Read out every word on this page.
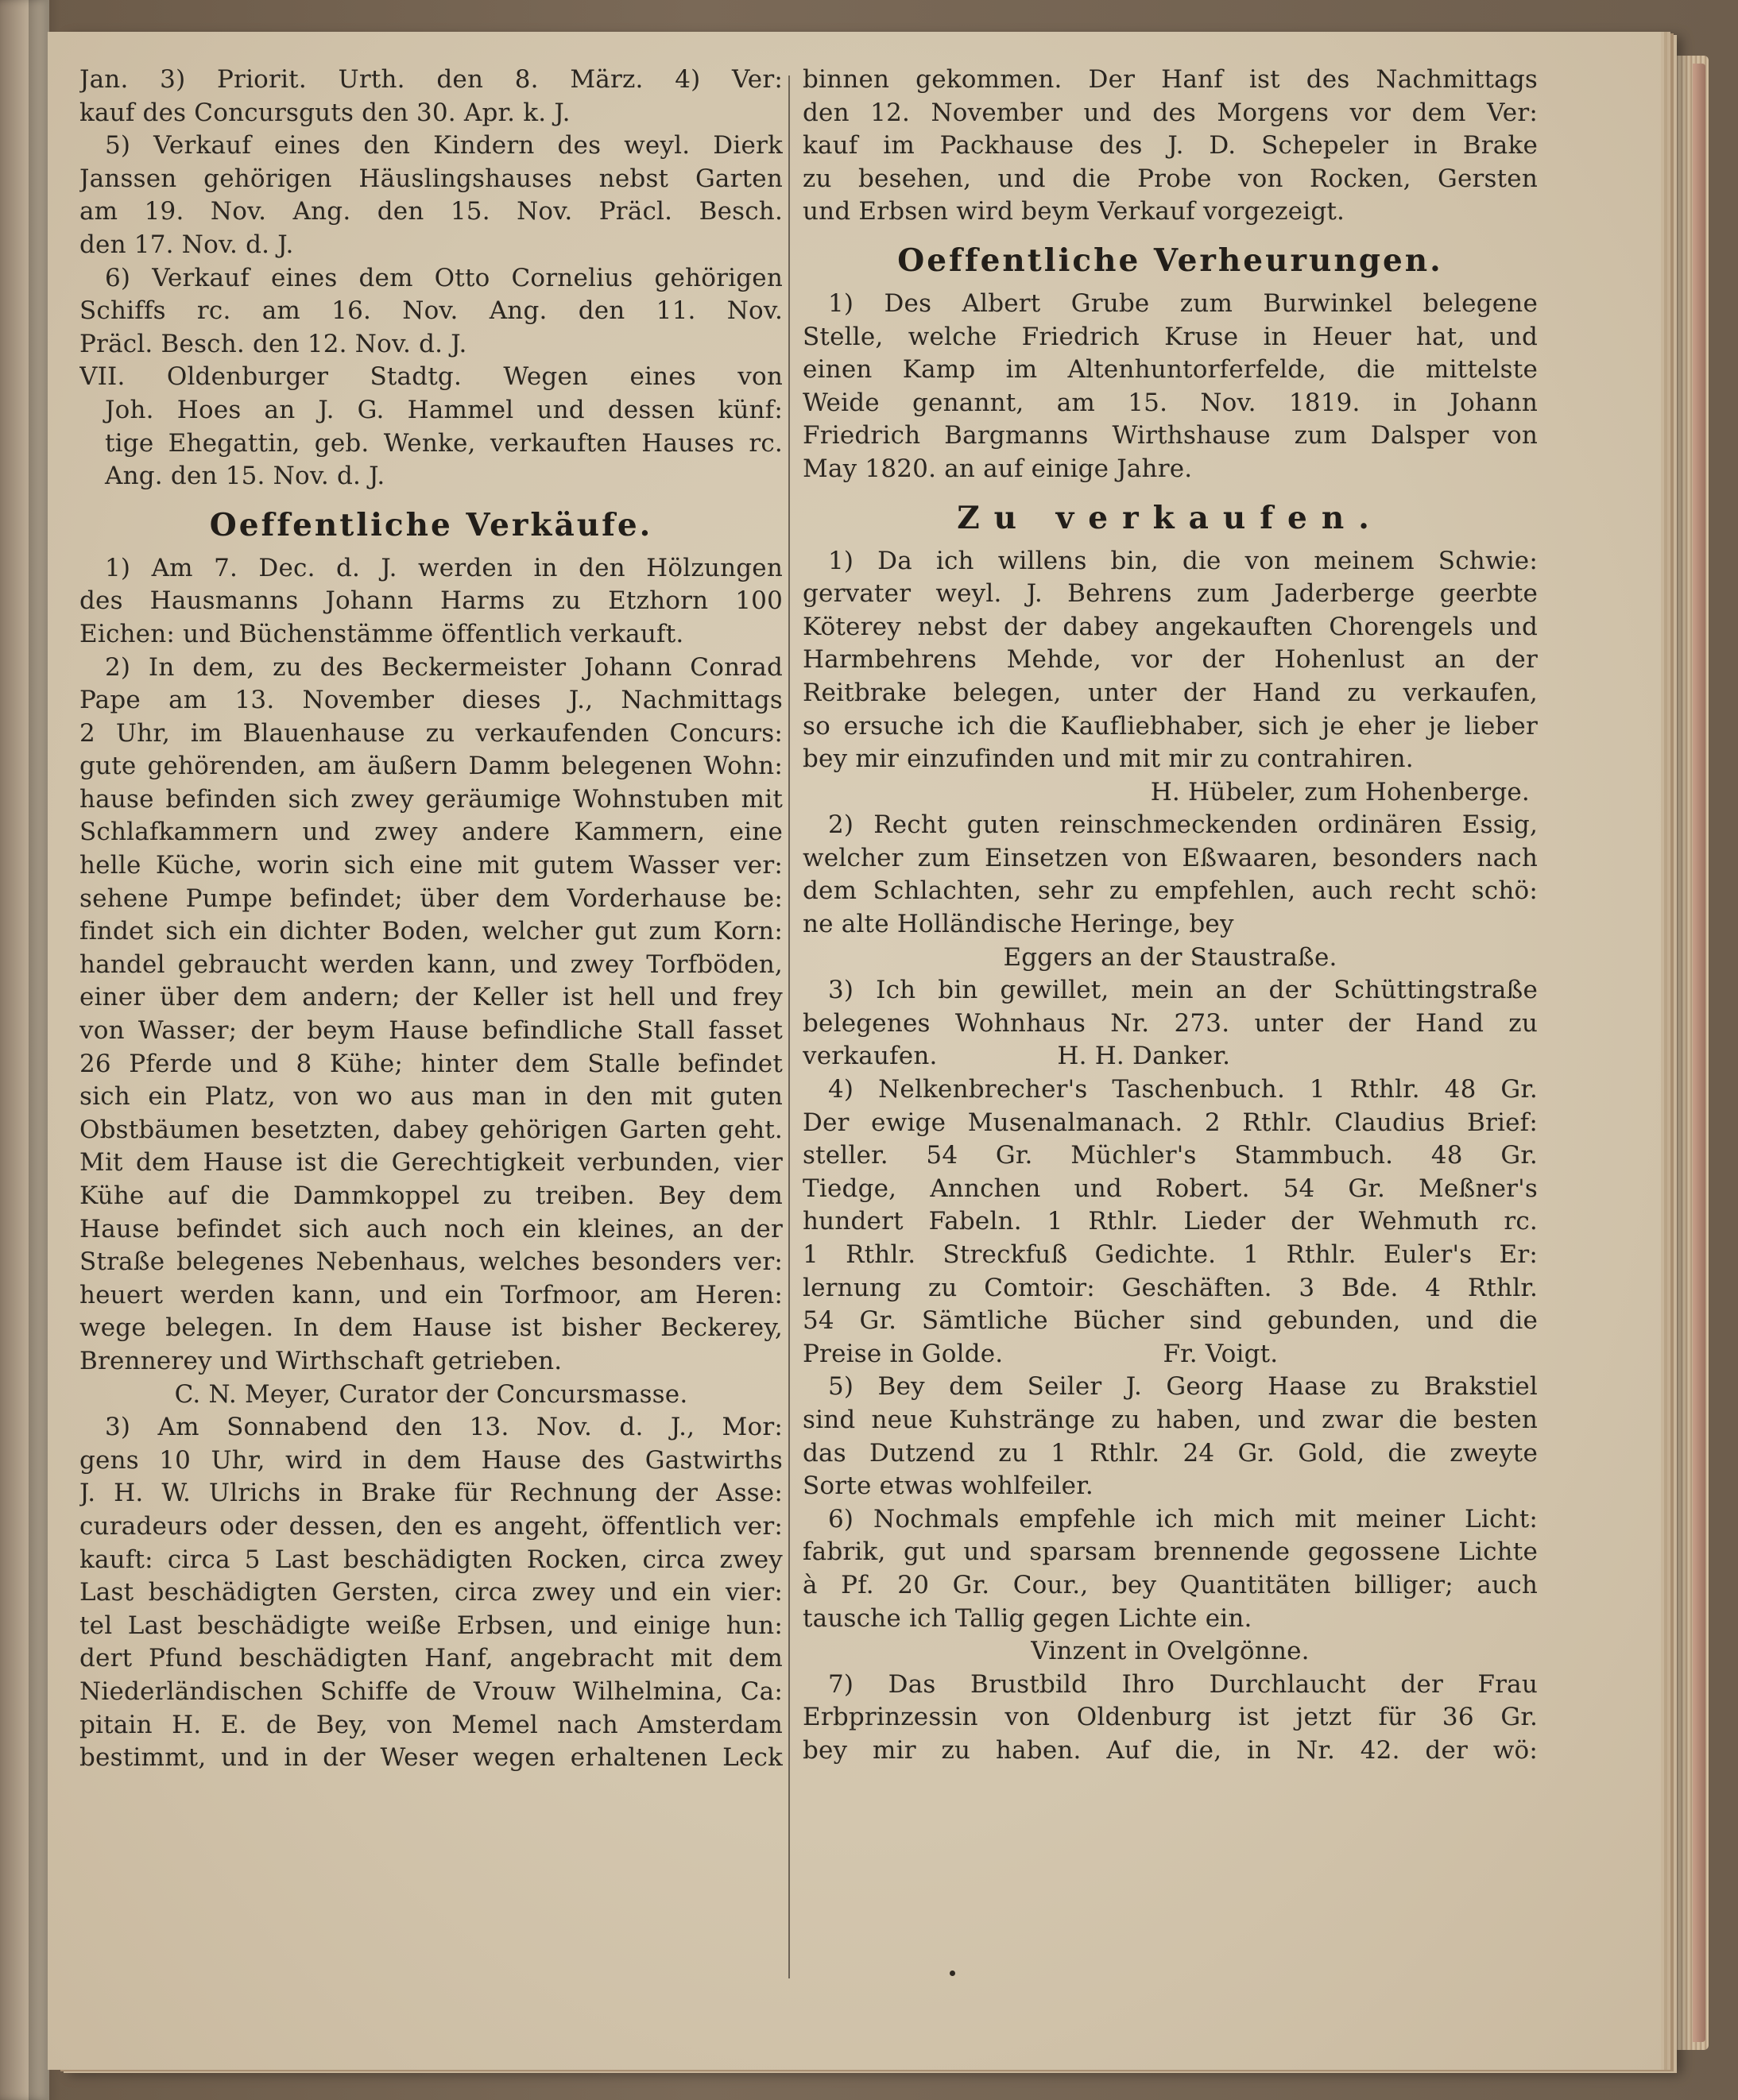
Jan. 3) Priorit. Urth. den 8. März. 4) Ver:

kauf des Concursguts den 30. Apr. k. J.

5) Verkauf eines den Kindern des weyl. Dierk

Janssen gehörigen Häuslingshauses nebst Garten

am 19. Nov. Ang. den 15. Nov. Präcl. Besch.

den 17. Nov. d. J.

6) Verkauf eines dem Otto Cornelius gehörigen

Schiffs rc. am 16. Nov. Ang. den 11. Nov.

Präcl. Besch. den 12. Nov. d. J.

VII. Oldenburger Stadtg. Wegen eines von

Joh. Hoes an J. G. Hammel und dessen künf:

tige Ehegattin, geb. Wenke, verkauften Hauses rc.

Ang. den 15. Nov. d. J.

Oeffentliche Verkäufe.

1) Am 7. Dec. d. J. werden in den Hölzungen

des Hausmanns Johann Harms zu Etzhorn 100

Eichen: und Büchenstämme öffentlich verkauft.

2) In dem, zu des Beckermeister Johann Conrad

Pape am 13. November dieses J., Nachmittags

2 Uhr, im Blauenhause zu verkaufenden Concurs:

gute gehörenden, am äußern Damm belegenen Wohn:

hause befinden sich zwey geräumige Wohnstuben mit

Schlafkammern und zwey andere Kammern, eine

helle Küche, worin sich eine mit gutem Wasser ver:

sehene Pumpe befindet; über dem Vorderhause be:

findet sich ein dichter Boden, welcher gut zum Korn:

handel gebraucht werden kann, und zwey Torfböden,

einer über dem andern; der Keller ist hell und frey

von Wasser; der beym Hause befindliche Stall fasset

26 Pferde und 8 Kühe; hinter dem Stalle befindet

sich ein Platz, von wo aus man in den mit guten

Obstbäumen besetzten, dabey gehörigen Garten geht.

Mit dem Hause ist die Gerechtigkeit verbunden, vier

Kühe auf die Dammkoppel zu treiben. Bey dem

Hause befindet sich auch noch ein kleines, an der

Straße belegenes Nebenhaus, welches besonders ver:

heuert werden kann, und ein Torfmoor, am Heren:

wege belegen. In dem Hause ist bisher Beckerey,

Brennerey und Wirthschaft getrieben.

C. N. Meyer, Curator der Concursmasse.

3) Am Sonnabend den 13. Nov. d. J., Mor:

gens 10 Uhr, wird in dem Hause des Gastwirths

J. H. W. Ulrichs in Brake für Rechnung der Asse:

curadeurs oder dessen, den es angeht, öffentlich ver:

kauft: circa 5 Last beschädigten Rocken, circa zwey

Last beschädigten Gersten, circa zwey und ein vier:

tel Last beschädigte weiße Erbsen, und einige hun:

dert Pfund beschädigten Hanf, angebracht mit dem

Niederländischen Schiffe de Vrouw Wilhelmina, Ca:

pitain H. E. de Bey, von Memel nach Amsterdam

bestimmt, und in der Weser wegen erhaltenen Leck

binnen gekommen. Der Hanf ist des Nachmittags

den 12. November und des Morgens vor dem Ver:

kauf im Packhause des J. D. Schepeler in Brake

zu besehen, und die Probe von Rocken, Gersten

und Erbsen wird beym Verkauf vorgezeigt.

Oeffentliche Verheurungen.

1) Des Albert Grube zum Burwinkel belegene

Stelle, welche Friedrich Kruse in Heuer hat, und

einen Kamp im Altenhuntorferfelde, die mittelste

Weide genannt, am 15. Nov. 1819. in Johann

Friedrich Bargmanns Wirthshause zum Dalsper von

May 1820. an auf einige Jahre.

Zu verkaufen.

1) Da ich willens bin, die von meinem Schwie:

gervater weyl. J. Behrens zum Jaderberge geerbte

Köterey nebst der dabey angekauften Chorengels und

Harmbehrens Mehde, vor der Hohenlust an der

Reitbrake belegen, unter der Hand zu verkaufen,

so ersuche ich die Kaufliebhaber, sich je eher je lieber

bey mir einzufinden und mit mir zu contrahiren.

H. Hübeler, zum Hohenberge.

2) Recht guten reinschmeckenden ordinären Essig,

welcher zum Einsetzen von Eßwaaren, besonders nach

dem Schlachten, sehr zu empfehlen, auch recht schö:

ne alte Holländische Heringe, bey

Eggers an der Staustraße.

3) Ich bin gewillet, mein an der Schüttingstraße

belegenes Wohnhaus Nr. 273. unter der Hand zu

verkaufen.               H. H. Danker.

4) Nelkenbrecher's Taschenbuch. 1 Rthlr. 48 Gr.

Der ewige Musenalmanach. 2 Rthlr. Claudius Brief:

steller. 54 Gr. Müchler's Stammbuch. 48 Gr.

Tiedge, Annchen und Robert. 54 Gr. Meßner's

hundert Fabeln. 1 Rthlr. Lieder der Wehmuth rc.

1 Rthlr. Streckfuß Gedichte. 1 Rthlr. Euler's Er:

lernung zu Comtoir: Geschäften. 3 Bde. 4 Rthlr.

54 Gr. Sämtliche Bücher sind gebunden, und die

Preise in Golde.                    Fr. Voigt.

5) Bey dem Seiler J. Georg Haase zu Brakstiel

sind neue Kuhstränge zu haben, und zwar die besten

das Dutzend zu 1 Rthlr. 24 Gr. Gold, die zweyte

Sorte etwas wohlfeiler.

6) Nochmals empfehle ich mich mit meiner Licht:

fabrik, gut und sparsam brennende gegossene Lichte

à Pf. 20 Gr. Cour., bey Quantitäten billiger; auch

tausche ich Tallig gegen Lichte ein.

Vinzent in Ovelgönne.

7) Das Brustbild Ihro Durchlaucht der Frau

Erbprinzessin von Oldenburg ist jetzt für 36 Gr.

bey mir zu haben. Auf die, in Nr. 42. der wö:
